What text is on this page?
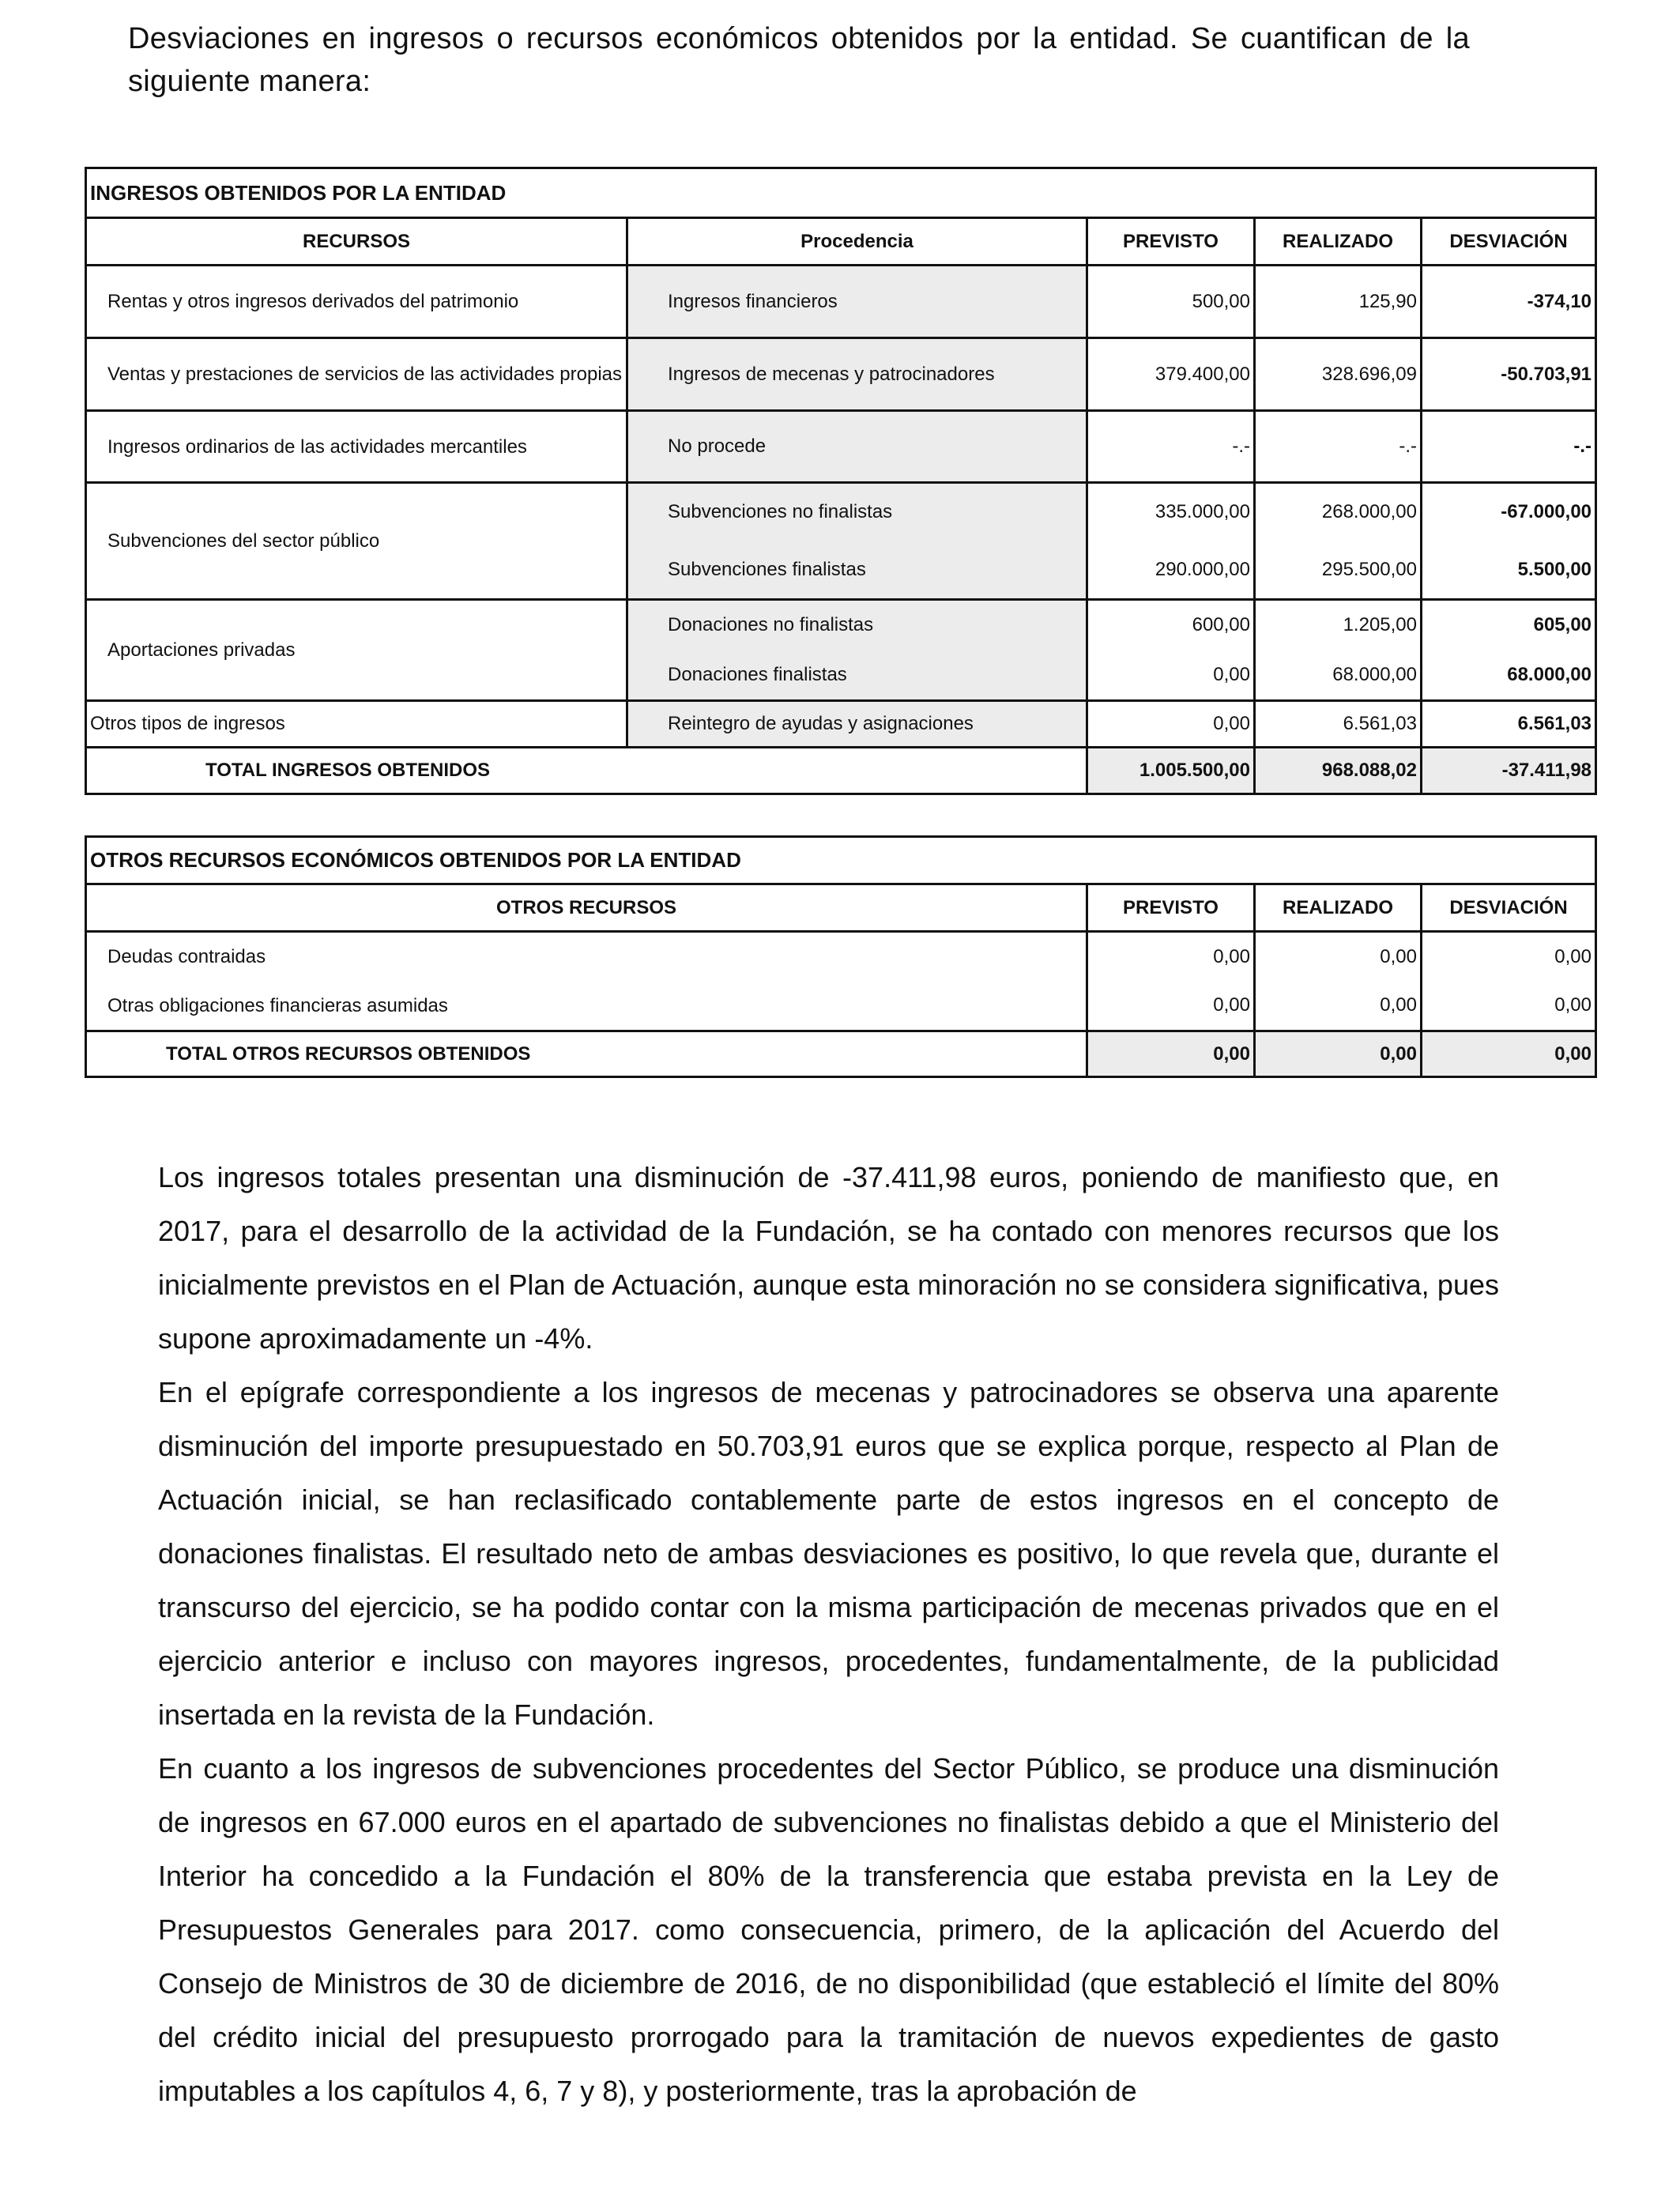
Desviaciones en ingresos o recursos económicos obtenidos por la entidad. Se cuantifican de la siguiente manera:
INGRESOS OBTENIDOS POR LA ENTIDAD				
RECURSOS	Procedencia	PREVISTO	REALIZADO	DESVIACIÓN
Rentas y otros ingresos derivados del patrimonio	Ingresos financieros	500,00	125,90	-374,10
Ventas y prestaciones de servicios de las actividades propias	Ingresos de mecenas y patrocinadores	379.400,00	328.696,09	-50.703,91
Ingresos ordinarios de las actividades mercantiles	No procede	-.-	-.-	-.-
Subvenciones del sector público	Subvenciones no finalistas	335.000,00	268.000,00	-67.000,00
	Subvenciones finalistas	290.000,00	295.500,00	5.500,00
Aportaciones privadas	Donaciones no finalistas	600,00	1.205,00	605,00
	Donaciones finalistas	0,00	68.000,00	68.000,00
Otros tipos de ingresos	Reintegro de ayudas y asignaciones	0,00	6.561,03	6.561,03
TOTAL INGRESOS OBTENIDOS		1.005.500,00	968.088,02	-37.411,98
OTROS RECURSOS ECONÓMICOS OBTENIDOS POR LA ENTIDAD			
OTROS RECURSOS	PREVISTO	REALIZADO	DESVIACIÓN
Deudas contraidas	0,00	0,00	0,00
Otras obligaciones financieras asumidas	0,00	0,00	0,00
TOTAL OTROS RECURSOS OBTENIDOS	0,00	0,00	0,00

Los ingresos totales presentan una disminución de -37.411,98 euros, poniendo de manifiesto que, en 2017, para el desarrollo de la actividad de la Fundación, se ha contado con menores recursos que los inicialmente previstos en el Plan de Actuación, aunque esta minoración no se considera significativa, pues supone aproximadamente un -4%.

En el epígrafe correspondiente a los ingresos de mecenas y patrocinadores se observa una aparente disminución del importe presupuestado en 50.703,91 euros que se explica porque, respecto al Plan de Actuación inicial, se han reclasificado contablemente parte de estos ingresos en el concepto de donaciones finalistas. El resultado neto de ambas desviaciones es positivo, lo que revela que, durante el transcurso del ejercicio, se ha podido contar con la misma participación de mecenas privados que en el ejercicio anterior e incluso con mayores ingresos, procedentes, fundamentalmente, de la publicidad insertada en la revista de la Fundación.

En cuanto a los ingresos de subvenciones procedentes del Sector Público, se produce una disminución de ingresos en 67.000 euros en el apartado de subvenciones no finalistas debido a que el Ministerio del Interior ha concedido a la Fundación el 80% de la transferencia que estaba prevista en la Ley de Presupuestos Generales para 2017. como consecuencia, primero, de la aplicación del Acuerdo del Consejo de Ministros de 30 de diciembre de 2016, de no disponibilidad (que estableció el límite del 80% del crédito inicial del presupuesto prorrogado para la tramitación de nuevos expedientes de gasto imputables a los capítulos 4, 6, 7 y 8), y posteriormente, tras la aprobación de
